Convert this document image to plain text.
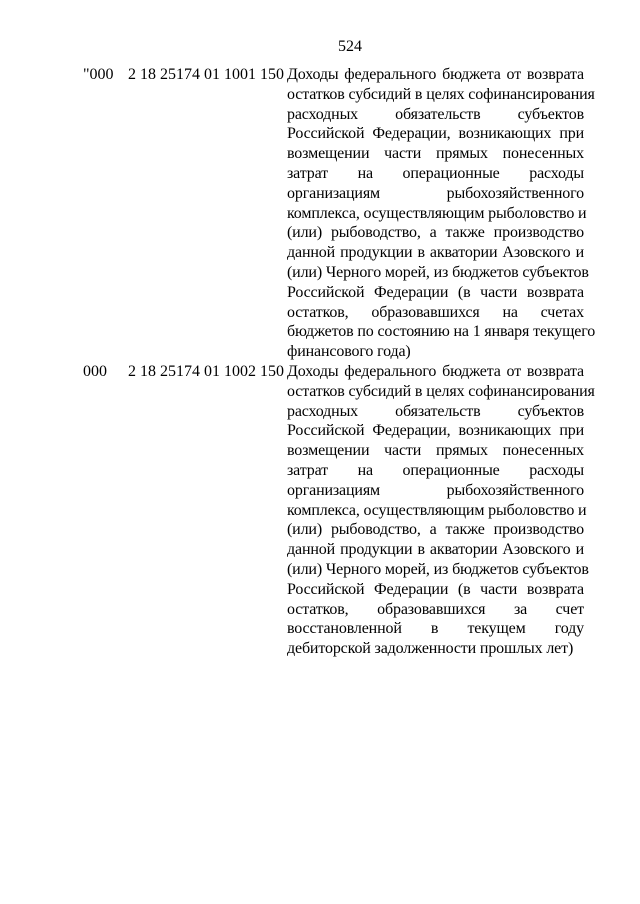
524
"000 2 18 25174 01 1001 150 Доходы федерального бюджета от возврата
остатков субсидий в целях софинансирования
расходных обязательств субъектов
Российской Федерации, возникающих при
возмещении части прямых понесенных
затрат на операционные расходы
организациям рыбохозяйственного
комплекса, осуществляющим рыболовство и
(или) рыбоводство, а также производство
данной продукции в акватории Азовского и
(или) Черного морей, из бюджетов субъектов
Российской Федерации (в части возврата
остатков, образовавшихся на счетах
бюджетов по состоянию на 1 января текущего
финансового года)
000 2 18 25174 01 1002 150 Доходы федерального бюджета от возврата
остатков субсидий в целях софинансирования
расходных обязательств субъектов
Российской Федерации, возникающих при
возмещении части прямых понесенных
затрат на операционные расходы
организациям рыбохозяйственного
комплекса, осуществляющим рыболовство и
(или) рыбоводство, а также производство
данной продукции в акватории Азовского и
(или) Черного морей, из бюджетов субъектов
Российской Федерации (в части возврата
остатков, образовавшихся за счет
восстановленной в текущем году
дебиторской задолженности прошлых лет)
